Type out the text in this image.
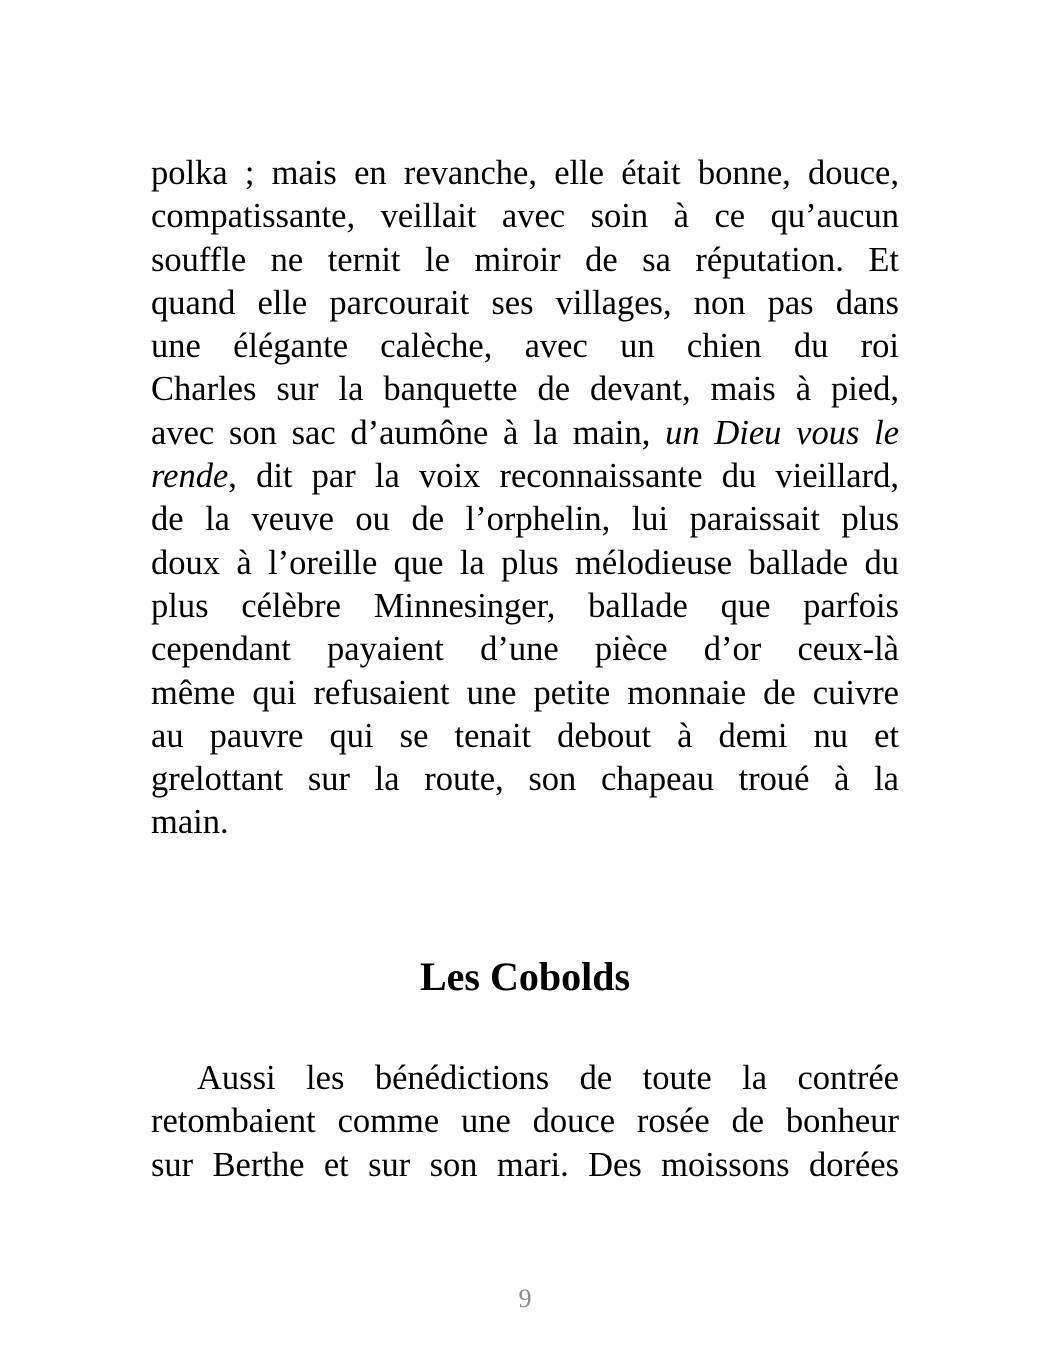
polka ; mais en revanche, elle était bonne, douce,
compatissante, veillait avec soin à ce qu’aucun
souffle ne ternit le miroir de sa réputation. Et
quand elle parcourait ses villages, non pas dans
une élégante calèche, avec un chien du roi
Charles sur la banquette de devant, mais à pied,
avec son sac d’aumône à la main, un Dieu vous le
rende, dit par la voix reconnaissante du vieillard,
de la veuve ou de l’orphelin, lui paraissait plus
doux à l’oreille que la plus mélodieuse ballade du
plus célèbre Minnesinger, ballade que parfois
cependant payaient d’une pièce d’or ceux-là
même qui refusaient une petite monnaie de cuivre
au pauvre qui se tenait debout à demi nu et
grelottant sur la route, son chapeau troué à la
main.
Les Cobolds
Aussi les bénédictions de toute la contrée
retombaient comme une douce rosée de bonheur
sur Berthe et sur son mari. Des moissons dorées
9
